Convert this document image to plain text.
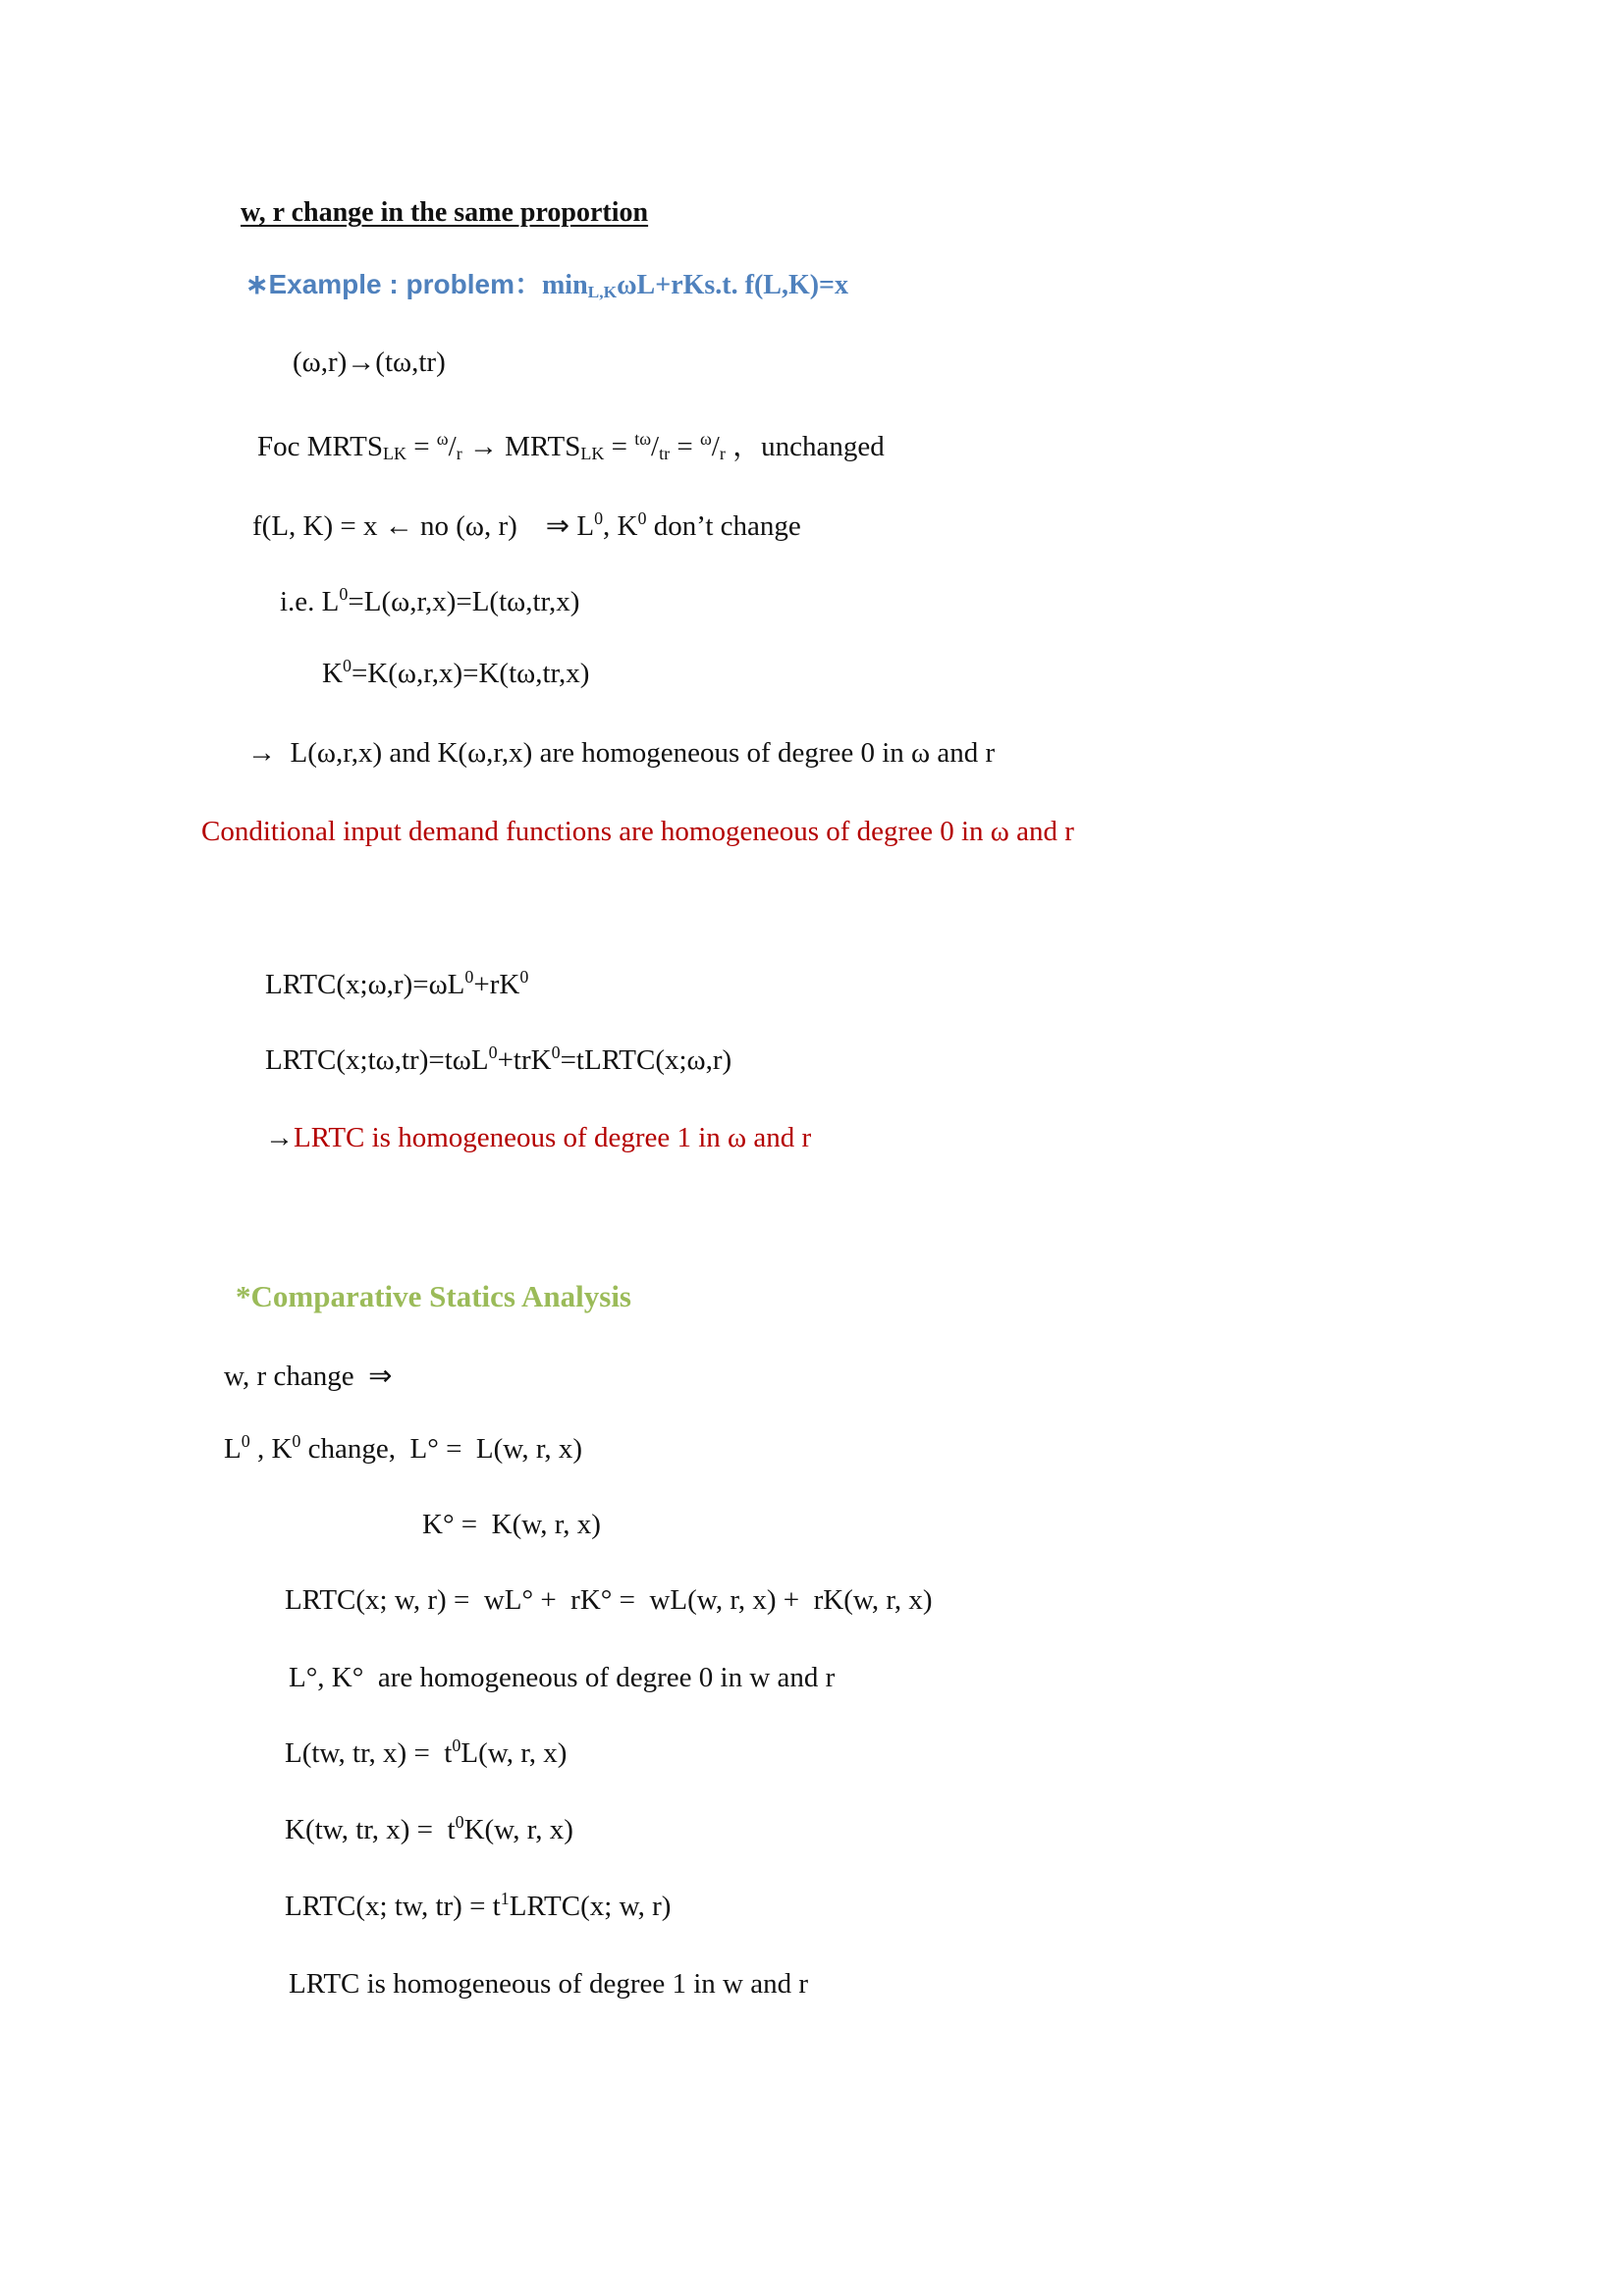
w, r change in the same proportion
∗Example : problem：$\min_{L,K}\omega L+rKs.t$. f(L,K)=x
(ω,r)→(tω,tr)
Foc $MRTS_{LK} = ^\omega/_r$ → $MRTS_{LK} = ^{t\omega}/_{tr} = ^\omega/_r$ ，unchanged
f(L, K) = x ← no (ω, r)    ⇒ $L^0$, $K^0$ don’t change
i.e. $L^0=L(\omega,r,x)=L(t\omega,tr,x)$
$K^0=K(\omega,r,x)=K(t\omega,tr,x)$
→  L(ω,r,x) and K(ω,r,x) are homogeneous of degree 0 in ω and r
Conditional input demand functions are homogeneous of degree 0 in ω and r
$LRTC(x;\omega,r)=\omega L^0+rK^0$
LRTC(x;tω,tr)=tωL$^0$+trK$^0$=tLRTC(x;ω,r)
→LRTC is homogeneous of degree 1 in ω and r
*Comparative Statics Analysis
w, r change  ⇒
$L^0$ , $K^0$ change,  L° =  L(w, r, x)
K° =  K(w, r, x)
LRTC(x; w, r) =  wL° +  rK° =  wL(w, r, x) +  rK(w, r, x)
L°, K°  are homogeneous of degree 0 in w and r
L(tw, tr, $x) = t^0L(w$, r, x)
K(tw, tr, $x) = t^0K(w$, r, x)
LRTC(x; tw, $tr) = t^1LRTC(x$; w, r)
LRTC is homogeneous of degree 1 in w and r
